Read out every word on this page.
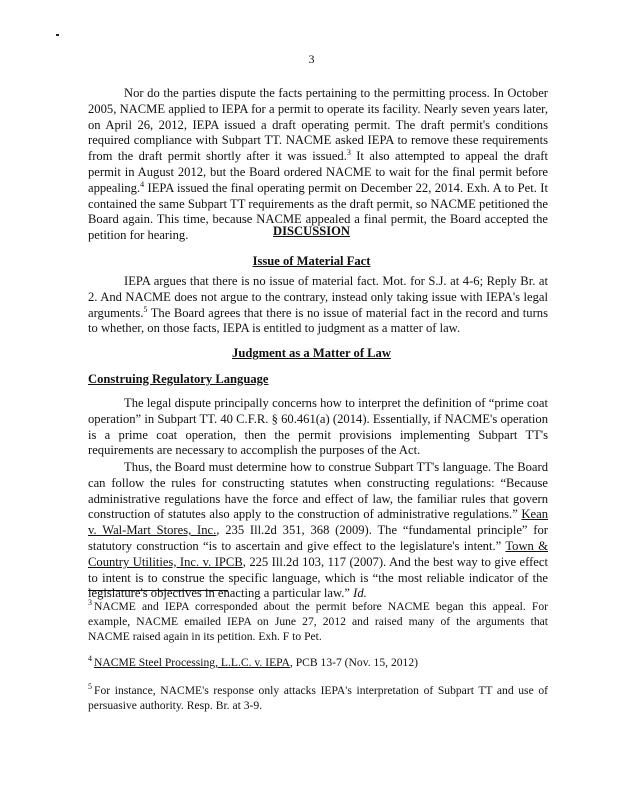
3

Nor do the parties dispute the facts pertaining to the permitting process. In October 2005, NACME applied to IEPA for a permit to operate its facility. Nearly seven years later, on April 26, 2012, IEPA issued a draft operating permit. The draft permit's conditions required compliance with Subpart TT. NACME asked IEPA to remove these requirements from the draft permit shortly after it was issued.$^3$ It also attempted to appeal the draft permit in August 2012, but the Board ordered NACME to wait for the final permit before appealing.$^4$ IEPA issued the final operating permit on December 22, 2014. Exh. A to Pet. It contained the same Subpart TT requirements as the draft permit, so NACME petitioned the Board again. This time, because NACME appealed a final permit, the Board accepted the petition for hearing.	DISCUSSION
Issue of Material Fact

IEPA argues that there is no issue of material fact. Mot. for S.J. at 4-6; Reply Br. at 2. And NACME does not argue to the contrary, instead only taking issue with IEPA's legal arguments.$^5$ The Board agrees that there is no issue of material fact in the record and turns to whether, on those facts, IEPA is entitled to judgment as a matter of law.

Judgment as a Matter of Law
Construing Regulatory Language

The legal dispute principally concerns how to interpret the definition of “prime coat operation” in Subpart TT. 40 C.F.R. § 60.461(a) (2014). Essentially, if NACME's operation is a prime coat operation, then the permit provisions implementing Subpart TT's requirements are necessary to accomplish the purposes of the Act.

Thus, the Board must determine how to construe Subpart TT's language. The Board can follow the rules for constructing statutes when constructing regulations: “Because administrative regulations have the force and effect of law, the familiar rules that govern construction of statutes also apply to the construction of administrative regulations.” Kean v. Wal-Mart Stores, Inc., 235 Ill.2d 351, 368 (2009). The “fundamental principle” for statutory construction “is to ascertain and give effect to the legislature's intent.” Town & Country Utilities, Inc. v. IPCB, 225 Ill.2d 103, 117 (2007). And the best way to give effect to intent is to construe the specific language, which is “the most reliable indicator of the legislature's objectives in enacting a particular law.” Id.

$^3$ NACME and IEPA corresponded about the permit before NACME began this appeal. For example, NACME emailed IEPA on June 27, 2012 and raised many of the arguments that NACME raised again in its petition. Exh. F to Pet.
$^4$ NACME Steel Processing, L.L.C. v. IEPA, PCB 13-7 (Nov. 15, 2012)
$^5$ For instance, NACME's response only attacks IEPA's interpretation of Subpart TT and use of persuasive authority. Resp. Br. at 3-9.
